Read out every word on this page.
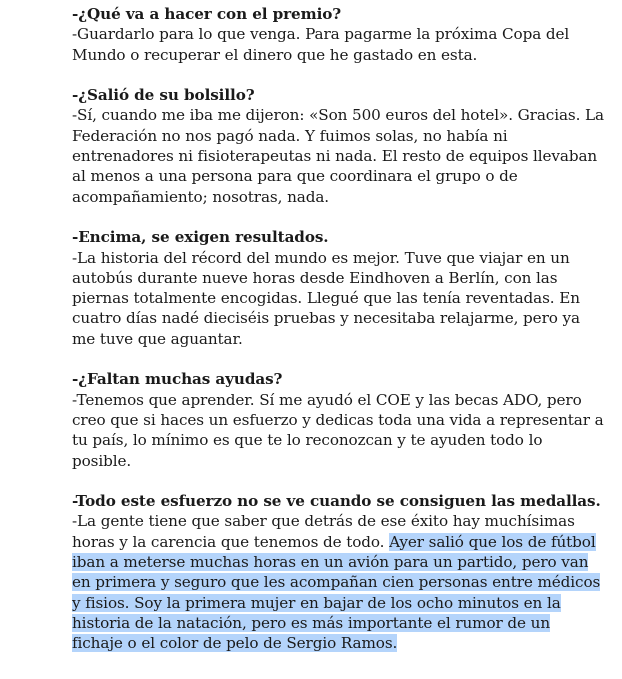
-¿Qué va a hacer con el premio?

-Guardarlo para lo que venga. Para pagarme la próxima Copa del Mundo o recuperar el dinero que he gastado en esta.

-¿Salió de su bolsillo?

-Sí, cuando me iba me dijeron: «Son 500 euros del hotel». Gracias. La Federación no nos pagó nada. Y fuimos solas, no había ni entrenadores ni fisioterapeutas ni nada. El resto de equipos llevaban al menos a una persona para que coordinara el grupo o de acompañamiento; nosotras, nada.

-Encima, se exigen resultados.

-La historia del récord del mundo es mejor. Tuve que viajar en un autobús durante nueve horas desde Eindhoven a Berlín, con las piernas totalmente encogidas. Llegué que las tenía reventadas. En cuatro días nadé dieciséis pruebas y necesitaba relajarme, pero ya me tuve que aguantar.

-¿Faltan muchas ayudas?

-Tenemos que aprender. Sí me ayudó el COE y las becas ADO, pero creo que si haces un esfuerzo y dedicas toda una vida a representar a tu país, lo mínimo es que te lo reconozcan y te ayuden todo lo posible.

-Todo este esfuerzo no se ve cuando se consiguen las medallas.

-La gente tiene que saber que detrás de ese éxito hay muchísimas horas y la carencia que tenemos de todo. Ayer salió que los de fútbol iban a meterse muchas horas en un avión para un partido, pero van en primera y seguro que les acompañan cien personas entre médicos y fisios. Soy la primera mujer en bajar de los ocho minutos en la historia de la natación, pero es más importante el rumor de un fichaje o el color de pelo de Sergio Ramos.
